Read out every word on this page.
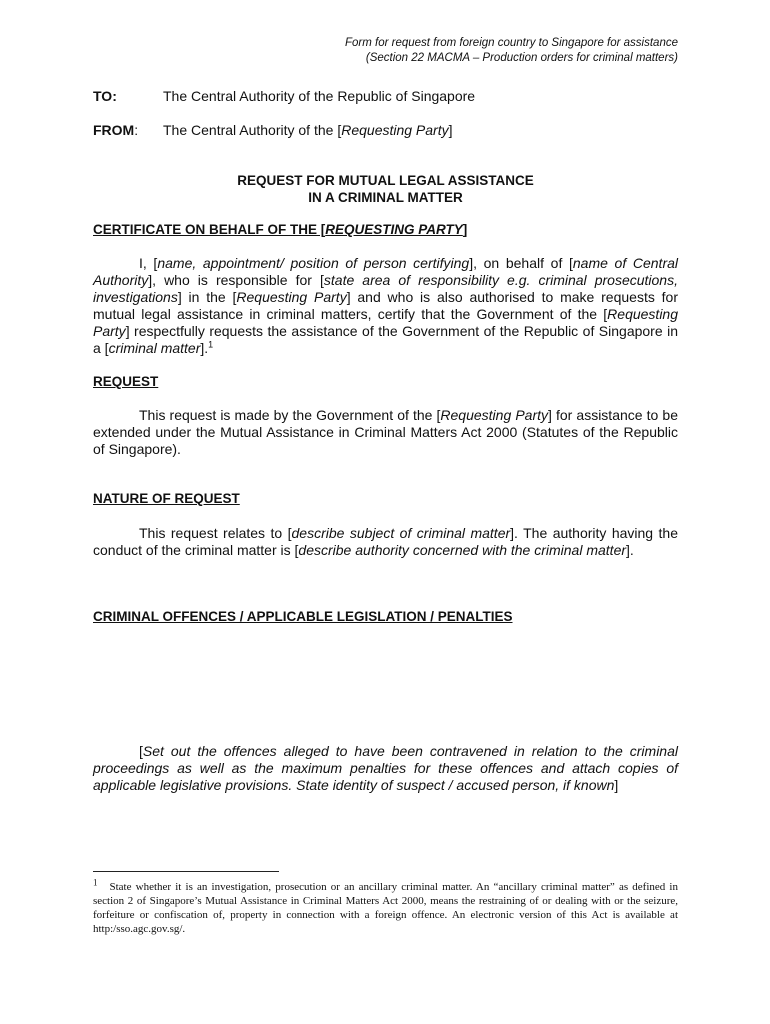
Form for request from foreign country to Singapore for assistance
(Section 22 MACMA – Production orders for criminal matters)
TO:	The Central Authority of the Republic of Singapore
FROM: The Central Authority of the [Requesting Party]
REQUEST FOR MUTUAL LEGAL ASSISTANCE
IN A CRIMINAL MATTER
CERTIFICATE ON BEHALF OF THE [REQUESTING PARTY]
I, [name, appointment/ position of person certifying], on behalf of [name of Central Authority], who is responsible for [state area of responsibility e.g. criminal prosecutions, investigations] in the [Requesting Party] and who is also authorised to make requests for mutual legal assistance in criminal matters, certify that the Government of the [Requesting Party] respectfully requests the assistance of the Government of the Republic of Singapore in a [criminal matter].$^1$
REQUEST
This request is made by the Government of the [Requesting Party] for assistance to be extended under the Mutual Assistance in Criminal Matters Act 2000 (Statutes of the Republic of Singapore).
NATURE OF REQUEST
This request relates to [describe subject of criminal matter]. The authority having the conduct of the criminal matter is [describe authority concerned with the criminal matter].
CRIMINAL OFFENCES / APPLICABLE LEGISLATION / PENALTIES
[Set out the offences alleged to have been contravened in relation to the criminal proceedings as well as the maximum penalties for these offences and attach copies of applicable legislative provisions. State identity of suspect / accused person, if known]
$^1$ State whether it is an investigation, prosecution or an ancillary criminal matter. An “ancillary criminal matter” as defined in section 2 of Singapore’s Mutual Assistance in Criminal Matters Act 2000, means the restraining of or dealing with or the seizure, forfeiture or confiscation of, property in connection with a foreign offence. An electronic version of this Act is available at http:/sso.agc.gov.sg/.
